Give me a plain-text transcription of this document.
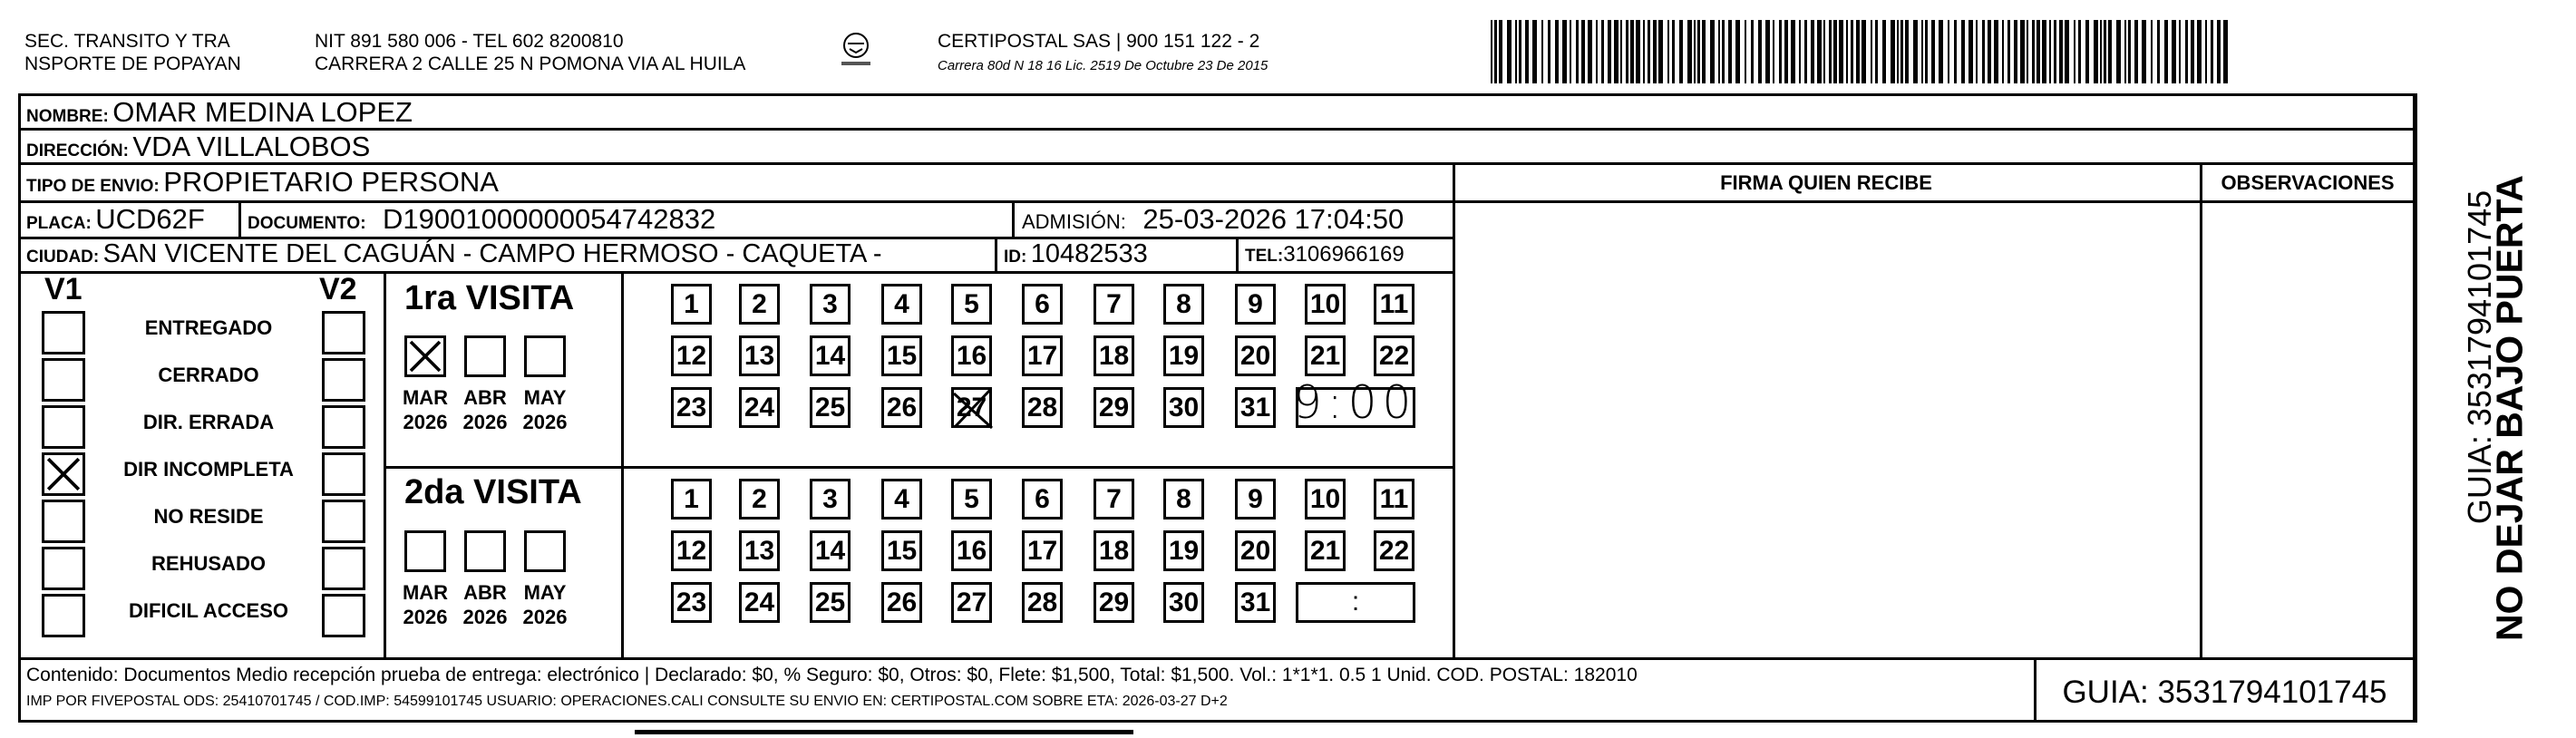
SEC. TRANSITO Y TRA
NSPORTE DE POPAYAN
NIT 891 580 006 - TEL 602 8200810
CARRERA 2 CALLE 25 N POMONA VIA AL HUILA
CERTIPOSTAL SAS | 900 151 122 - 2
Carrera 80d N 18 16 Lic. 2519 De Octubre 23 De 2015
NOMBRE: OMAR MEDINA LOPEZ
DIRECCIÓN: VDA VILLALOBOS
TIPO DE ENVIO: PROPIETARIO PERSONA	FIRMA QUIEN RECIBE	OBSERVACIONES
PLACA: UCD62F DOCUMENTO: D19001000000054742832	ADMISIÓN: 25-03-2026 17:04:50
CIUDAD: SAN VICENTE DEL CAGUÁN - CAMPO HERMOSO - CAQUETA -	ID: 10482533	TEL:3106966169
V1	V2 1ra VISITA
2da VISITA
Contenido: Documentos Medio recepción prueba de entrega: electrónico | Declarado: $0, % Seguro: $0, Otros: $0, Flete: $1,500, Total: $1,500. Vol.: 1*1*1. 0.5 1 Unid. COD. POSTAL: 182010
IMP POR FIVEPOSTAL ODS: 25410701745 / COD.IMP: 54599101745 USUARIO: OPERACIONES.CALI CONSULTE SU ENVIO EN: CERTIPOSTAL.COM SOBRE ETA: 2026-03-27 D+2	GUIA: 3531794101745
NO DEJAR BAJO PUERTA
GUIA: 3531794101745
ENTREGADO
CERRADO
DIR. ERRADA
DIR INCOMPLETA
NO RESIDE
REHUSADO
DIFICIL ACCESO
MAR
2026
ABR
2026
MAY
2026
1	2	3	4	5	6	7	8	9	10 11
12 13 14 15 16 17 18 19 20 21 22
23 24 25 26 27 28 29 30 31 9:00
MAR
2026
ABR
2026
MAY
2026
1	2	3	4	5	6	7	8	9	10 11
12 13 14 15 16 17 18 19 20 21 22
23 24 25 26 27 28 29 30 31	:
